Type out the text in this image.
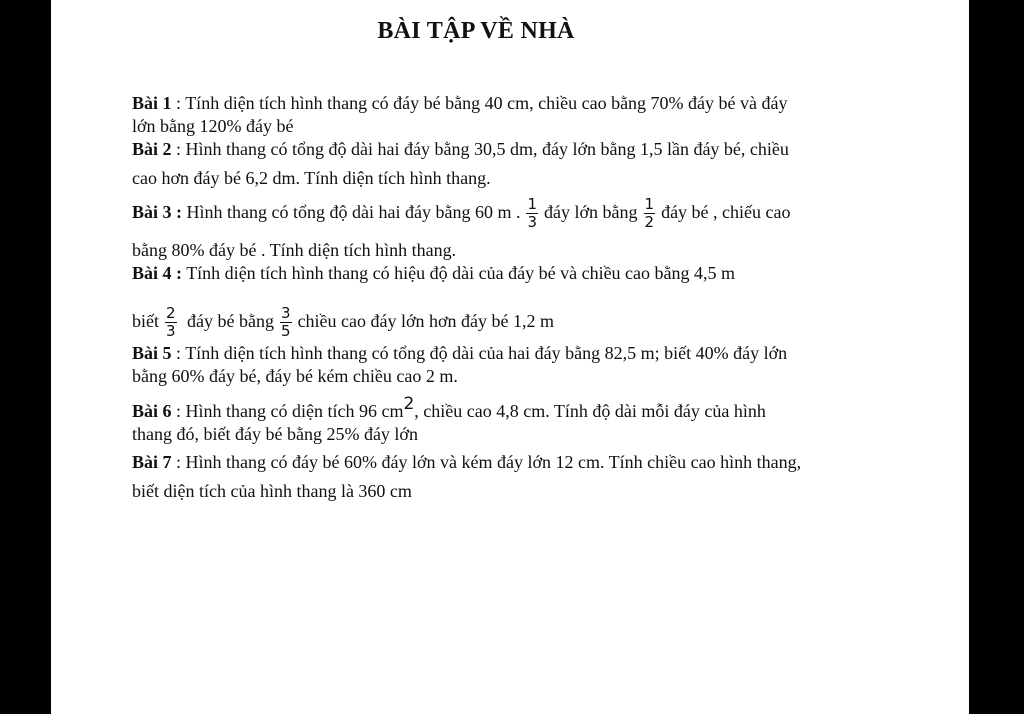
BÀI TẬP VỀ NHÀ
Bài 1 : Tính diện tích hình thang có đáy bé bằng 40 cm, chiều cao bằng 70% đáy bé và đáy
lớn bằng 120% đáy bé
Bài 2 : Hình thang có tổng độ dài hai đáy bằng 30,5 dm, đáy lớn bằng 1,5 lần đáy bé, chiều
cao hơn đáy bé 6,2 dm. Tính diện tích hình thang.
Bài 3 : Hình thang có tổng độ dài hai đáy bằng 60 m . $\frac{1}{3}$ đáy lớn bằng $\frac{1}{2}$ đáy bé , chiếu cao
bằng 80% đáy bé . Tính diện tích hình thang.
Bài 4 : Tính diện tích hình thang có hiệu độ dài của đáy bé và chiều cao bằng 4,5 m
biết $\frac{2}{3}$ đáy bé bằng $\frac{3}{5}$ chiều cao đáy lớn hơn đáy bé 1,2 m
Bài 5 : Tính diện tích hình thang có tổng độ dài của hai đáy bằng 82,5 m; biết 40% đáy lớn
bằng 60% đáy bé, đáy bé kém chiều cao 2 m.
Bài 6 : Hình thang có diện tích 96 cm2, chiều cao 4,8 cm. Tính độ dài mỗi đáy của hình
thang đó, biết đáy bé bằng 25% đáy lớn
Bài 7 : Hình thang có đáy bé 60% đáy lớn và kém đáy lớn 12 cm. Tính chiều cao hình thang,
biết diện tích của hình thang là 360 cm
